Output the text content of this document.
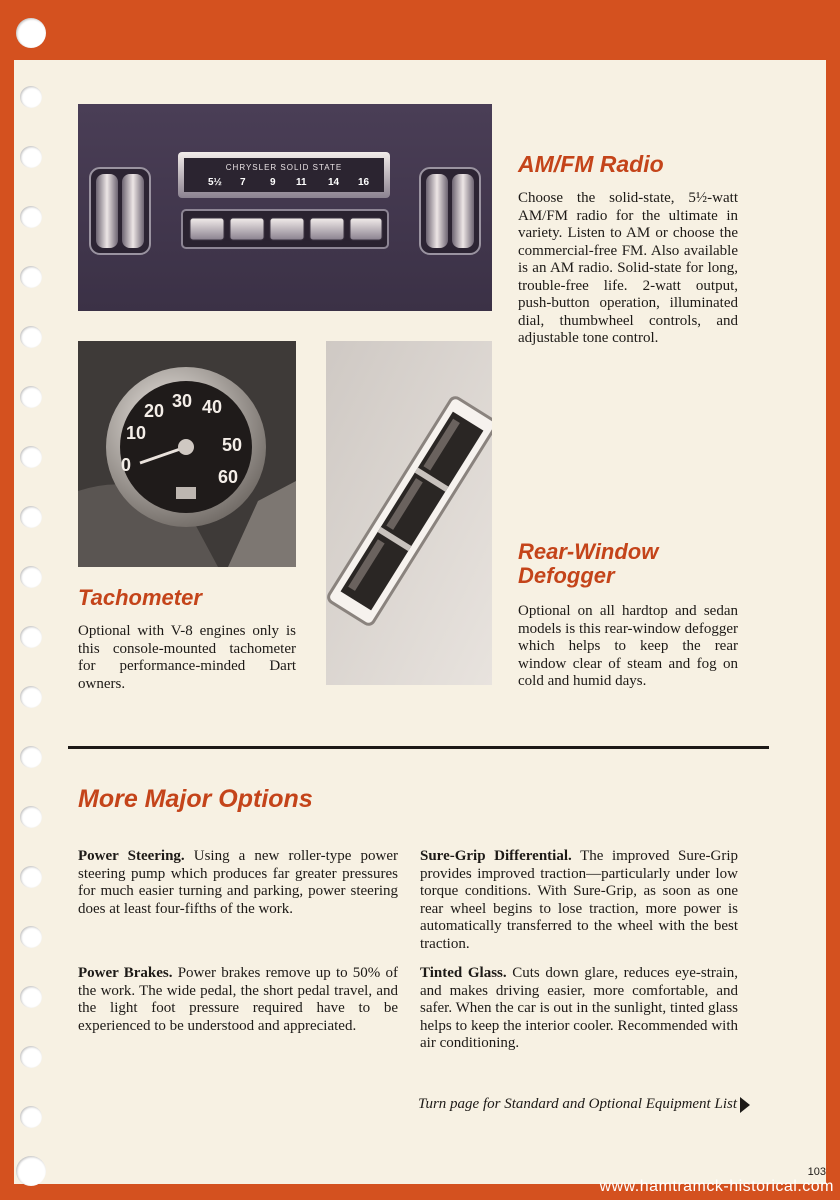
CHRYSLER SOLID STATE
5½ 7 9 11 14 16
AM/FM Radio

Choose the solid-state, 5½-watt AM/FM radio for the ultimate in variety. Listen to AM or choose the commercial-free FM. Also available is an AM radio. Solid-state for long, trouble-free life. 2-watt output, push-button operation, illuminated dial, thumbwheel controls, and adjustable tone control.

0
10
20 30 40
50
60
Tachometer

Optional with V-8 engines only is this console-mounted tachometer for performance-minded Dart owners.

Rear-Window
Defogger

Optional on all hardtop and sedan models is this rear-window defogger which helps to keep the rear window clear of steam and fog on cold and humid days.

More Major Options

Power Steering. Using a new roller-type power steering pump which produces far greater pressures for much easier turning and parking, power steering does at least four-fifths of the work.

Power Brakes. Power brakes remove up to 50% of the work. The wide pedal, the short pedal travel, and the light foot pressure required have to be experienced to be understood and appreciated.

Sure-Grip Differential. The improved Sure-Grip provides improved traction—particularly under low torque conditions. With Sure-Grip, as soon as one rear wheel begins to lose traction, more power is automatically transferred to the wheel with the best traction.

Tinted Glass. Cuts down glare, reduces eye-strain, and makes driving easier, more comfortable, and safer. When the car is out in the sunlight, tinted glass helps to keep the interior cooler. Recommended with air conditioning.

Turn page for Standard and Optional Equipment List
103
www.hamtramck-historical.com
